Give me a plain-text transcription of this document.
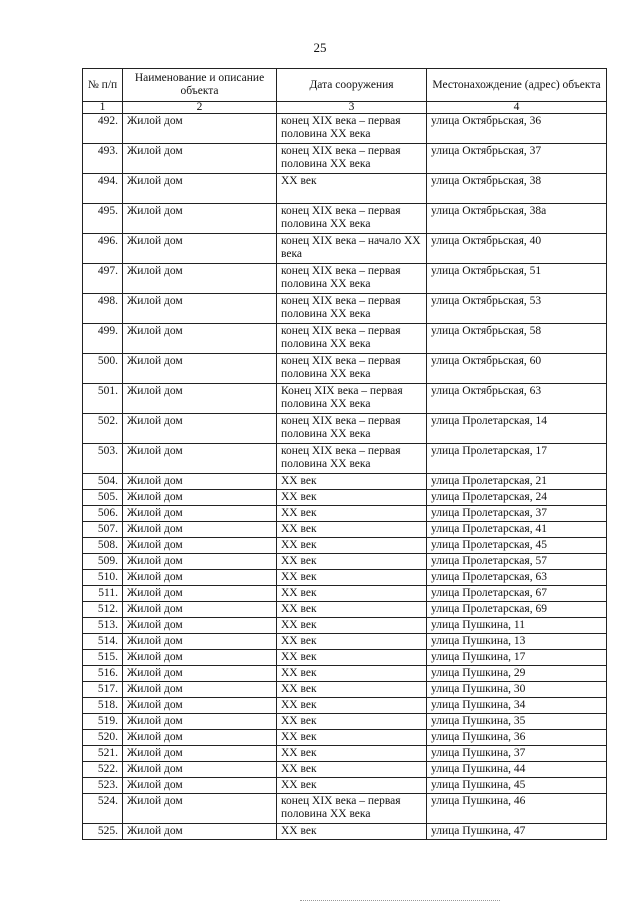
25
№ п/п	Наименование и описание объекта	Дата сооружения	Местонахождение (адрес) объекта
1	2	3	4
492.	Жилой дом	конец XIX века – первая половина XX века	улица Октябрьская, 36
493.	Жилой дом	конец XIX века – первая половина XX века	улица Октябрьская, 37
494.	Жилой дом	XX век	улица Октябрьская, 38
495.	Жилой дом	конец XIX века – первая половина XX века	улица Октябрьская, 38а
496.	Жилой дом	конец XIX века – начало XX века	улица Октябрьская, 40
497.	Жилой дом	конец XIX века – первая половина XX века	улица Октябрьская, 51
498.	Жилой дом	конец XIX века – первая половина XX века	улица Октябрьская, 53
499.	Жилой дом	конец XIX века – первая половина XX века	улица Октябрьская, 58
500.	Жилой дом	конец XIX века – первая половина XX века	улица Октябрьская, 60
501.	Жилой дом	Конец XIX века – первая половина XX века	улица Октябрьская, 63
502.	Жилой дом	конец XIX века – первая половина XX века	улица Пролетарская, 14
503.	Жилой дом	конец XIX века – первая половина XX века	улица Пролетарская, 17
504.	Жилой дом	XX век	улица Пролетарская, 21
505.	Жилой дом	XX век	улица Пролетарская, 24
506.	Жилой дом	XX век	улица Пролетарская, 37
507.	Жилой дом	XX век	улица Пролетарская, 41
508.	Жилой дом	XX век	улица Пролетарская, 45
509.	Жилой дом	XX век	улица Пролетарская, 57
510.	Жилой дом	XX век	улица Пролетарская, 63
511.	Жилой дом	XX век	улица Пролетарская, 67
512.	Жилой дом	XX век	улица Пролетарская, 69
513.	Жилой дом	XX век	улица Пушкина, 11
514.	Жилой дом	XX век	улица Пушкина, 13
515.	Жилой дом	XX век	улица Пушкина, 17
516.	Жилой дом	XX век	улица Пушкина, 29
517.	Жилой дом	XX век	улица Пушкина, 30
518.	Жилой дом	XX век	улица Пушкина, 34
519.	Жилой дом	XX век	улица Пушкина, 35
520.	Жилой дом	XX век	улица Пушкина, 36
521.	Жилой дом	XX век	улица Пушкина, 37
522.	Жилой дом	XX век	улица Пушкина, 44
523.	Жилой дом	XX век	улица Пушкина, 45
524.	Жилой дом	конец XIX века – первая половина XX века	улица Пушкина, 46
525.	Жилой дом	XX век	улица Пушкина, 47
